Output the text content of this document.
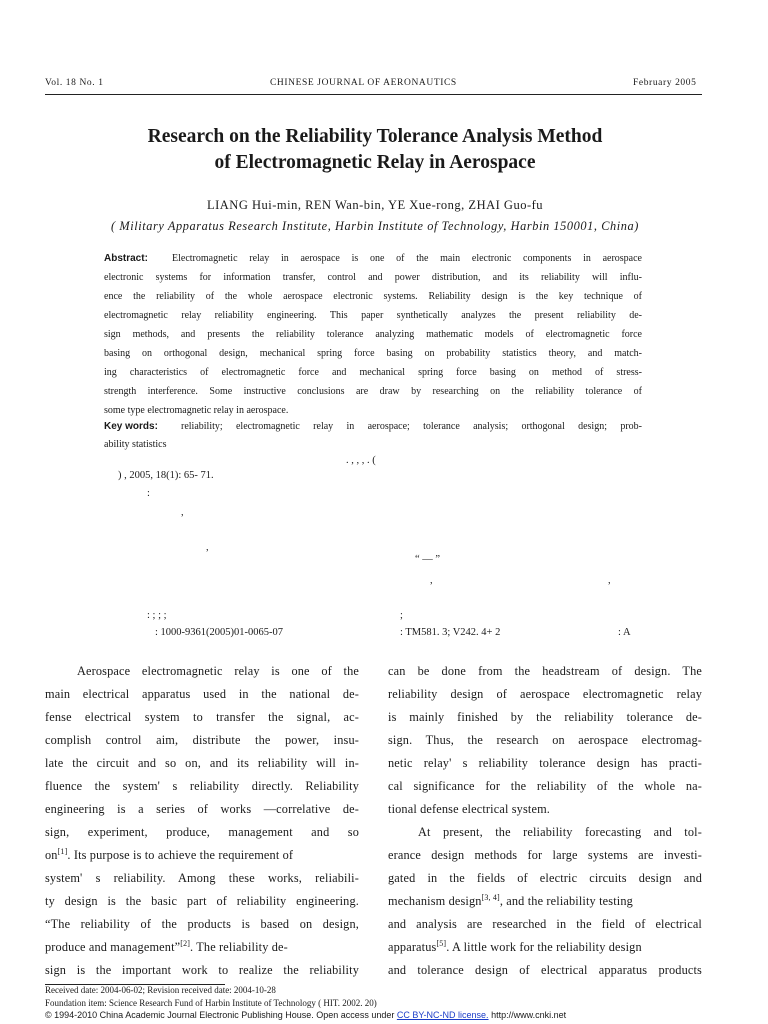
Vol. 18 No. 1	CHINESE JOURNAL OF AERONAUTICS	February 2005
Research on the Reliability Tolerance Analysis Method
of Electromagnetic Relay in Aerospace
LIANG Hui-min, REN Wan-bin, YE Xue-rong, ZHAI Guo-fu
( Military Apparatus Research Institute, Harbin Institute of Technology, Harbin 150001, China)
Abstract: Electromagnetic relay in aerospace is one of the main electronic components in aerospace
electronic systems for information transfer, control and power distribution, and its reliability will influ-
ence the reliability of the whole aerospace electronic systems. Reliability design is the key technique of
electromagnetic relay reliability engineering. This paper synthetically analyzes the present reliability de-
sign methods, and presents the reliability tolerance analyzing mathematic models of electromagnetic force
basing on orthogonal design, mechanical spring force basing on probability statistics theory, and match-
ing characteristics of electromagnetic force and mechanical spring force basing on method of stress-
strength interference. Some instructive conclusions are draw by researching on the reliability tolerance of
some type electromagnetic relay in aerospace.
Key words: reliability; electromagnetic relay in aerospace; tolerance analysis; orthogonal design; prob-
ability statistics
. , , , . (
) , 2005, 18(1): 65- 71.
:
,
,
“ — ”
,	,
: ; ; ;	;
: 1000-9361(2005)01-0065-07	: TM581. 3; V242. 4+ 2	: A
Aerospace electromagnetic relay is one of the
main electrical apparatus used in the national de-
fense electrical system to transfer the signal, ac-
complish control aim, distribute the power, insu-
late the circuit and so on, and its reliability will in-
fluence the system' s reliability directly. Reliability
engineering is a series of works —correlative de-
sign, experiment, produce, management and so
on[1]. Its purpose is to achieve the requirement of
system' s reliability. Among these works, reliabili-
ty design is the basic part of reliability engineering.
“The reliability of the products is based on design,
produce and management”[2]. The reliability de-
sign is the important work to realize the reliability
can be done from the headstream of design. The
reliability design of aerospace electromagnetic relay
is mainly finished by the reliability tolerance de-
sign. Thus, the research on aerospace electromag-
netic relay' s reliability tolerance design has practi-
cal significance for the reliability of the whole na-
tional defense electrical system.
At present, the reliability forecasting and tol-
erance design methods for large systems are investi-
gated in the fields of electric circuits design and
mechanism design[3, 4], and the reliability testing
and analysis are researched in the field of electrical
apparatus[5]. A little work for the reliability design
and tolerance design of electrical apparatus products
Received date: 2004-06-02; Revision received date: 2004-10-28
Foundation item: Science Research Fund of Harbin Institute of Technology ( HIT. 2002. 20)
© 1994-2010 China Academic Journal Electronic Publishing House. Open access under CC BY-NC-ND license. http://www.cnki.net
